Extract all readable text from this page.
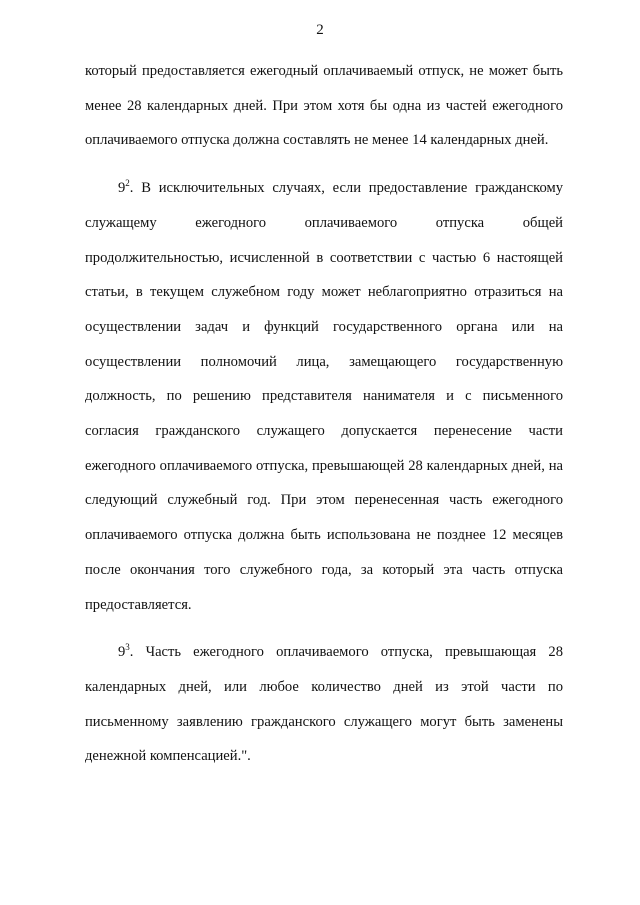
2

который предоставляется ежегодный оплачиваемый отпуск, не может быть менее 28 календарных дней. При этом хотя бы одна из частей ежегодного оплачиваемого отпуска должна составлять не менее 14 календарных дней.

$9^2$. В исключительных случаях, если предоставление гражданскому служащему ежегодного оплачиваемого отпуска общей продолжительностью, исчисленной в соответствии с частью 6 настоящей статьи, в текущем служебном году может неблагоприятно отразиться на осуществлении задач и функций государственного органа или на осуществлении полномочий лица, замещающего государственную должность, по решению представителя нанимателя и с письменного согласия гражданского служащего допускается перенесение части ежегодного оплачиваемого отпуска, превышающей 28 календарных дней, на следующий служебный год. При этом перенесенная часть ежегодного оплачиваемого отпуска должна быть использована не позднее 12 месяцев после окончания того служебного года, за который эта часть отпуска предоставляется.

$9^3$. Часть ежегодного оплачиваемого отпуска, превышающая 28 календарных дней, или любое количество дней из этой части по письменному заявлению гражданского служащего могут быть заменены денежной компенсацией.".
